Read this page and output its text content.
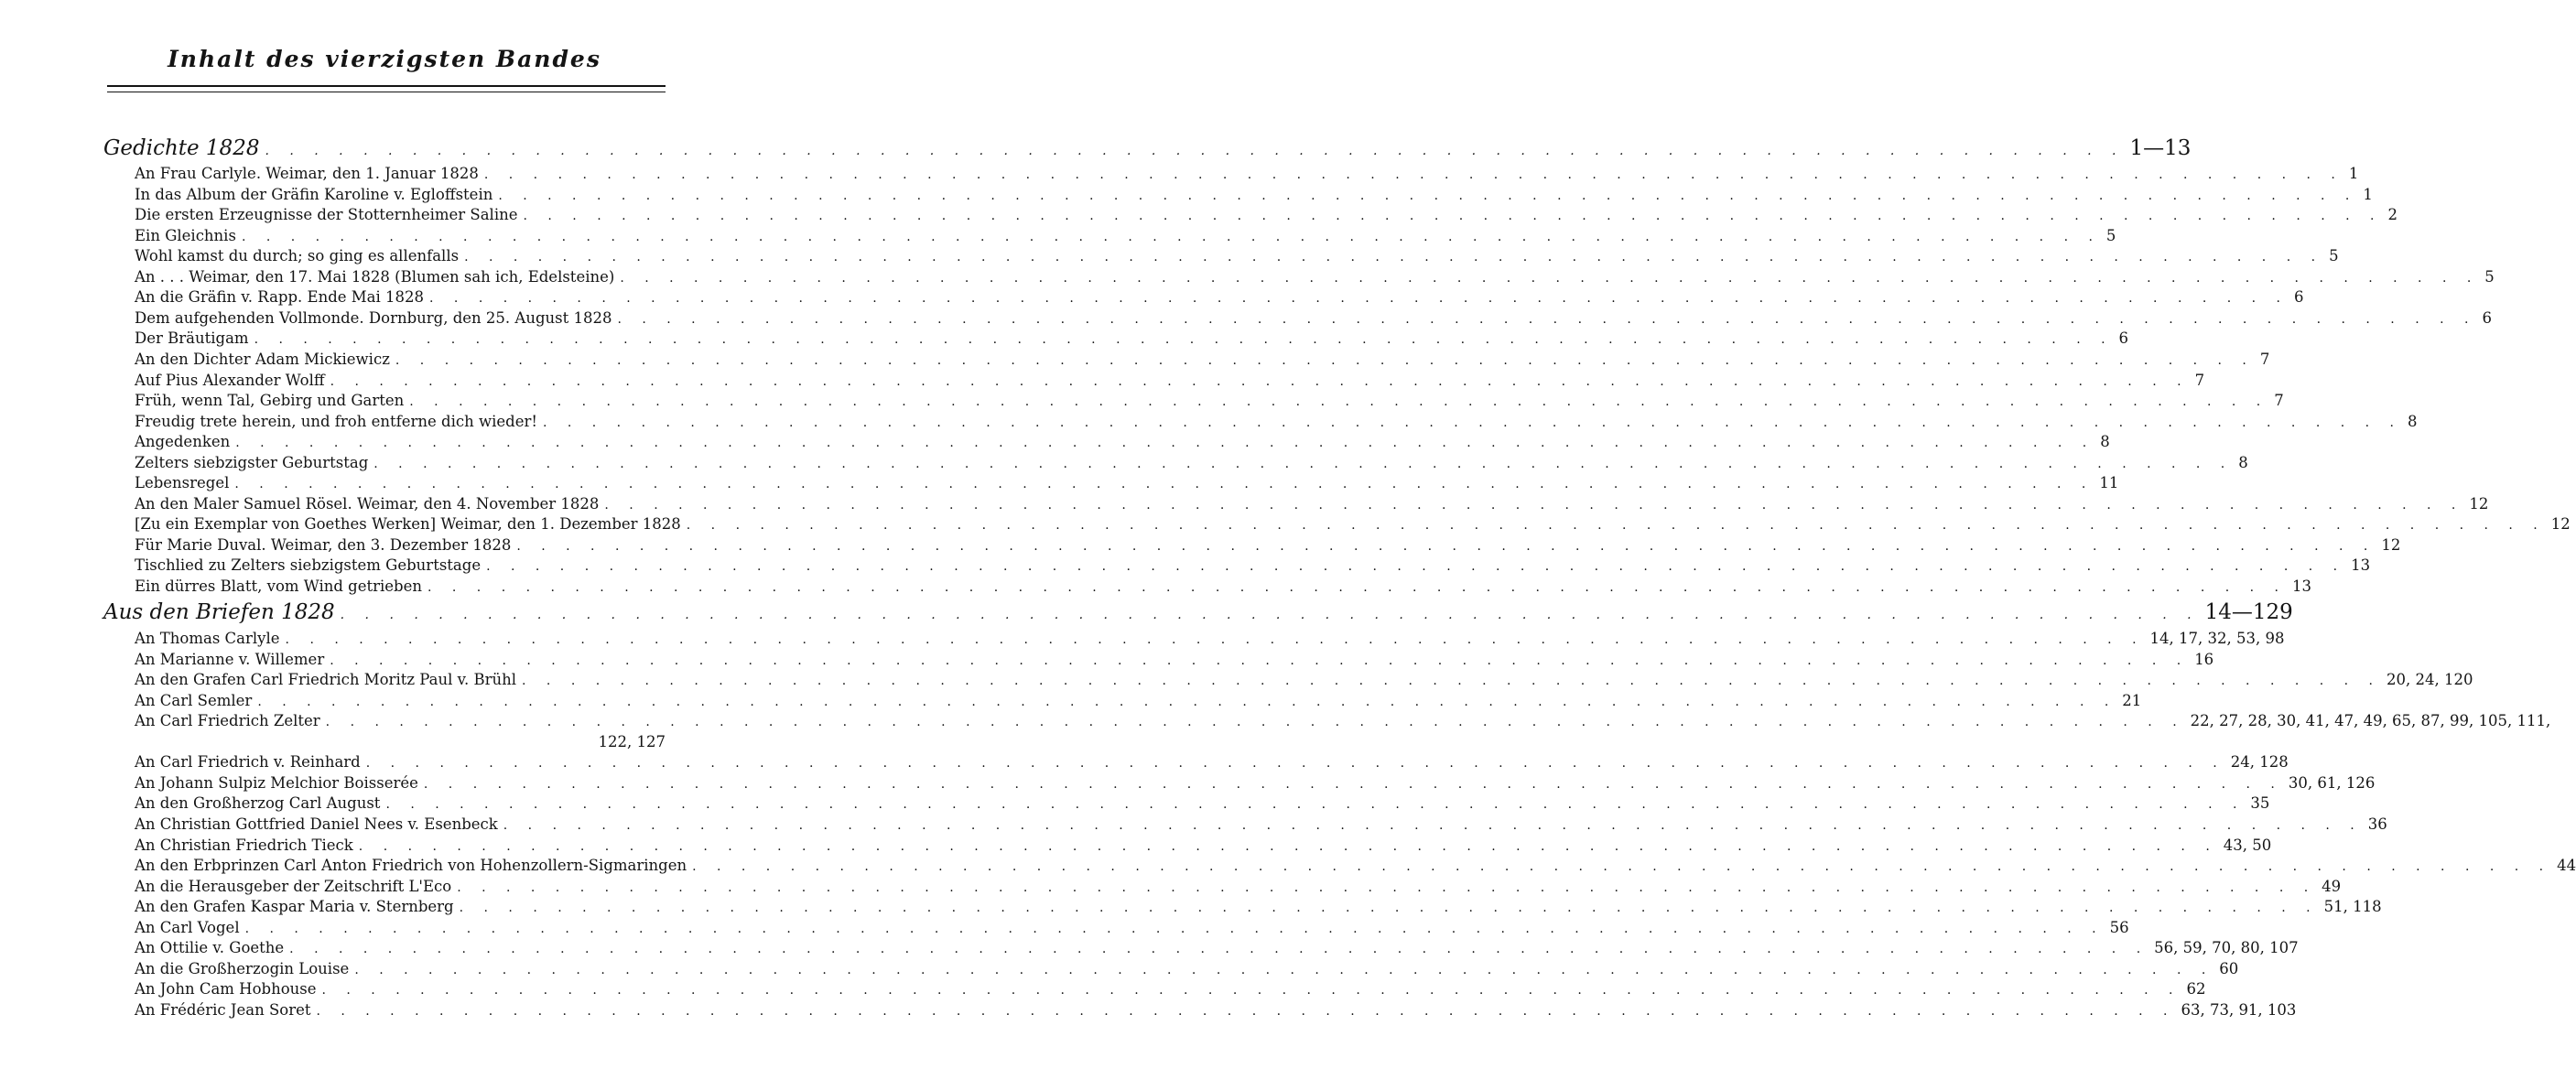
Inhalt des vierzigsten Bandes
Gedichte 1828 . . .	1—13
An Frau Carlyle. Weimar, den 1. Januar 1828 . . .	1
In das Album der Gräfin Karoline v. Egloffstein . . .	1
Die ersten Erzeugnisse der Stotternheimer Saline . . .	2
Ein Gleichnis . . .	5
Wohl kamst du durch; so ging es allenfalls . . .	5
An . . . Weimar, den 17. Mai 1828 (Blumen sah ich, Edelsteine) . . .	5
An die Gräfin v. Rapp. Ende Mai 1828 . . .	6
Dem aufgehenden Vollmonde. Dornburg, den 25. August 1828 . . .	6
Der Bräutigam . . .	6
An den Dichter Adam Mickiewicz . . .	7
Auf Pius Alexander Wolff . . .	7
Früh, wenn Tal, Gebirg und Garten . . .	7
Freudig trete herein, und froh entferne dich wieder! . . .	8
Angedenken . . .	8
Zelters siebzigster Geburtstag . . .	8
Lebensregel . . .	11
An den Maler Samuel Rösel. Weimar, den 4. November 1828 . . .	12
[Zu ein Exemplar von Goethes Werken] Weimar, den 1. Dezember 1828 . . .	12
Für Marie Duval. Weimar, den 3. Dezember 1828 . . .	12
Tischlied zu Zelters siebzigstem Geburtstage . . .	13
Ein dürres Blatt, vom Wind getrieben . . .	13
Aus den Briefen 1828 . . .	14—129
An Thomas Carlyle . . .	14, 17, 32, 53, 98
An Marianne v. Willemer . . .	16
An den Grafen Carl Friedrich Moritz Paul v. Brühl . . .	20, 24, 120
An Carl Semler . . .	21
An Carl Friedrich Zelter . . .	22, 27, 28, 30, 41, 47, 49, 65, 87, 99, 105, 111,
122, 127
An Carl Friedrich v. Reinhard . . .	24, 128
An Johann Sulpiz Melchior Boisserée . . .	30, 61, 126
An den Großherzog Carl August . . .	35
An Christian Gottfried Daniel Nees v. Esenbeck . . .	36
An Christian Friedrich Tieck . . .	43, 50
An den Erbprinzen Carl Anton Friedrich von Hohenzollern-Sigmaringen . . .	44
An die Herausgeber der Zeitschrift L'Eco . . .	49
An den Grafen Kaspar Maria v. Sternberg . . .	51, 118
An Carl Vogel . . .	56
An Ottilie v. Goethe . . .	56, 59, 70, 80, 107
An die Großherzogin Louise . . .	60
An John Cam Hobhouse . . .	62
An Frédéric Jean Soret . . .	63, 73, 91, 103
